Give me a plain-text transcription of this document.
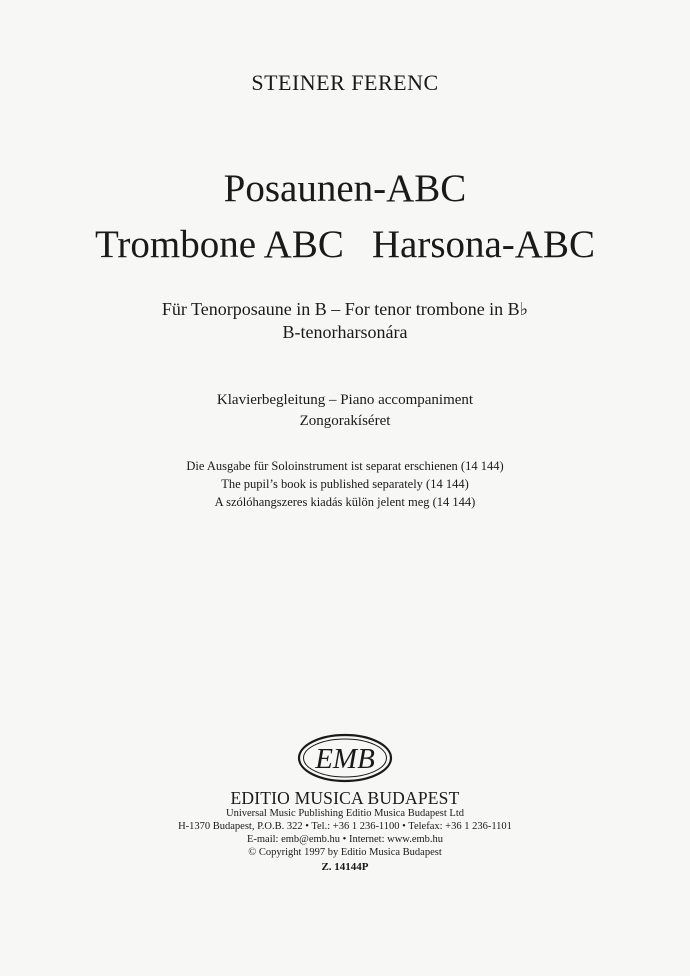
STEINER FERENC
Posaunen-ABC
Trombone ABC Harsona-ABC
Für Tenorposaune in B – For tenor trombone in B♭
B-tenorharsonára
Klavierbegleitung – Piano accompaniment
Zongorakíséret
Die Ausgabe für Soloinstrument ist separat erschienen (14 144)
The pupil’s book is published separately (14 144)
A szólóhangszeres kiadás külön jelent meg (14 144)
EMB
EDITIO MUSICA BUDAPEST
Universal Music Publishing Editio Musica Budapest Ltd
H-1370 Budapest, P.O.B. 322 • Tel.: +36 1 236-1100 • Telefax: +36 1 236-1101
E-mail: emb@emb.hu • Internet: www.emb.hu
© Copyright 1997 by Editio Musica Budapest
Z. 14144P
